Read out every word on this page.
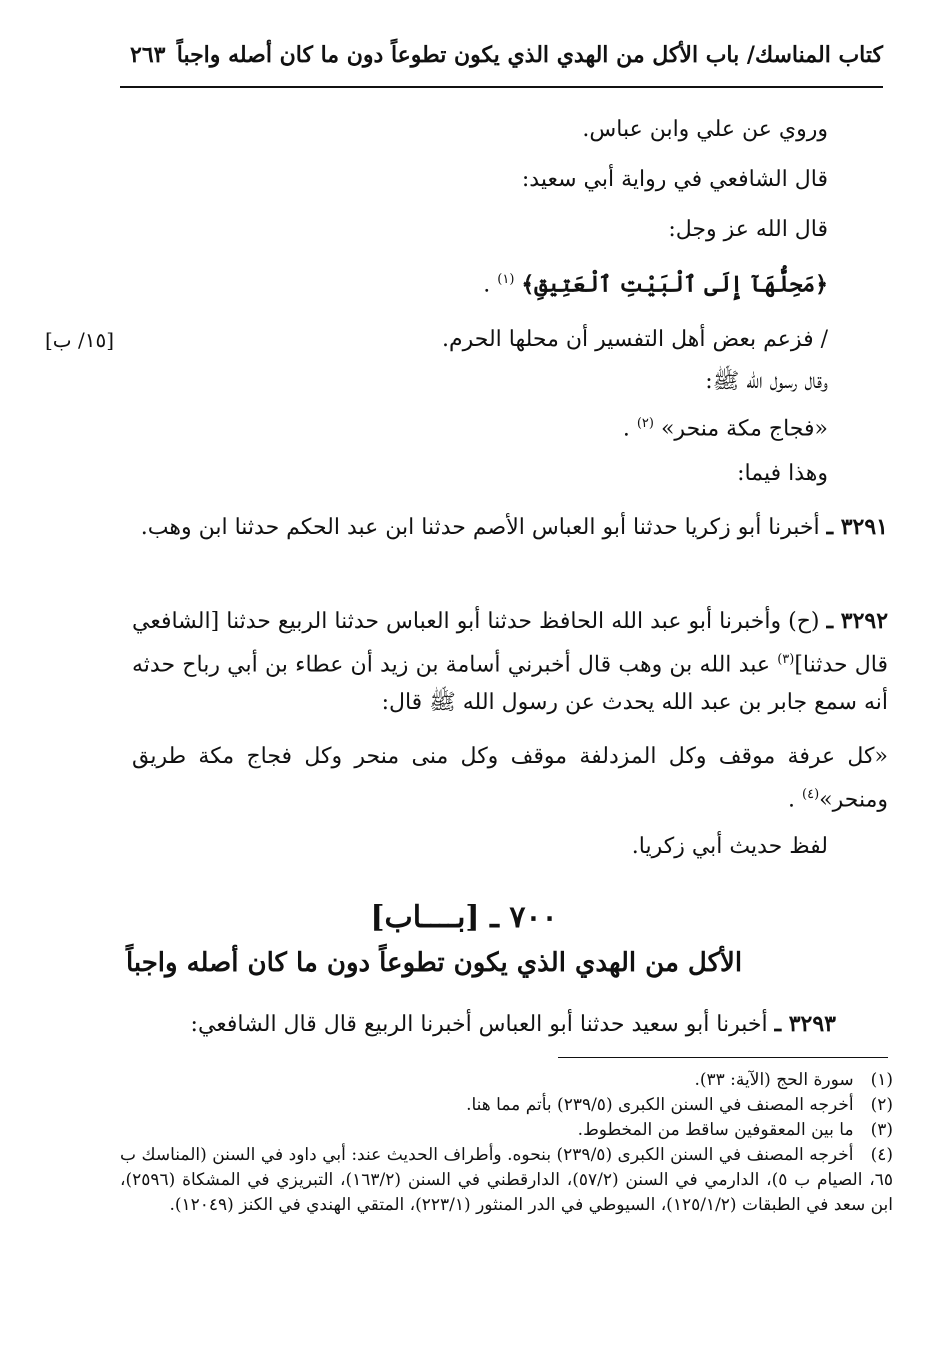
كتاب المناسك/ باب الأكل من الهدي الذي يكون تطوعاً دون ما كان أصله واجباً
٢٦٣
[١٥/ ب]
وروي عن علي وابن عباس.
قال الشافعي في رواية أبي سعيد:
قال الله عز وجل:
﴿مَحِلُّهَآ إِلَى ٱلْبَيْتِ ٱلْعَتِيقِ﴾ $^{(١)}$ .
/ فزعم بعض أهل التفسير أن محلها الحرم.
وقال رسول الله ﷺ:
«فجاج مكة منحر» $^{(٢)}$ .
وهذا فيما:
٣٢٩١ ـ أخبرنا أبو زكريا حدثنا أبو العباس الأصم حدثنا ابن عبد الحكم حدثنا ابن وهب.
٣٢٩٢ ـ (ح) وأخبرنا أبو عبد الله الحافظ حدثنا أبو العباس حدثنا الربيع حدثنا [الشافعي قال حدثنا]$^{(٣)}$ عبد الله بن وهب قال أخبرني أسامة بن زيد أن عطاء بن أبي رباح حدثه أنه سمع جابر بن عبد الله يحدث عن رسول الله ﷺ قال:
«كل عرفة موقف وكل المزدلفة موقف وكل منى منحر وكل فجاج مكة طريق ومنحر»$^{(٤)}$ .
لفظ حديث أبي زكريا.
٧٠٠ ـ [بــــاب]
الأكل من الهدي الذي يكون تطوعاً دون ما كان أصله واجباً
٣٢٩٣ ـ أخبرنا أبو سعيد حدثنا أبو العباس أخبرنا الربيع قال قال الشافعي:
(١) سورة الحج (الآية: ٣٣).
(٢) أخرجه المصنف في السنن الكبرى (٢٣٩/٥) بأتم مما هنا.
(٣) ما بين المعقوفين ساقط من المخطوط.
(٤) أخرجه المصنف في السنن الكبرى (٢٣٩/٥) بنحوه. وأطراف الحديث عند: أبي داود في السنن (المناسك ب ٦٥، الصيام ب ٥)، الدارمي في السنن (٥٧/٢)، الدارقطني في السنن (١٦٣/٢)، التبريزي في المشكاة (٢٥٩٦)، ابن سعد في الطبقات (١٢٥/١/٢)، السيوطي في الدر المنثور (٢٢٣/١)، المتقي الهندي في الكنز (١٢٠٤٩).
